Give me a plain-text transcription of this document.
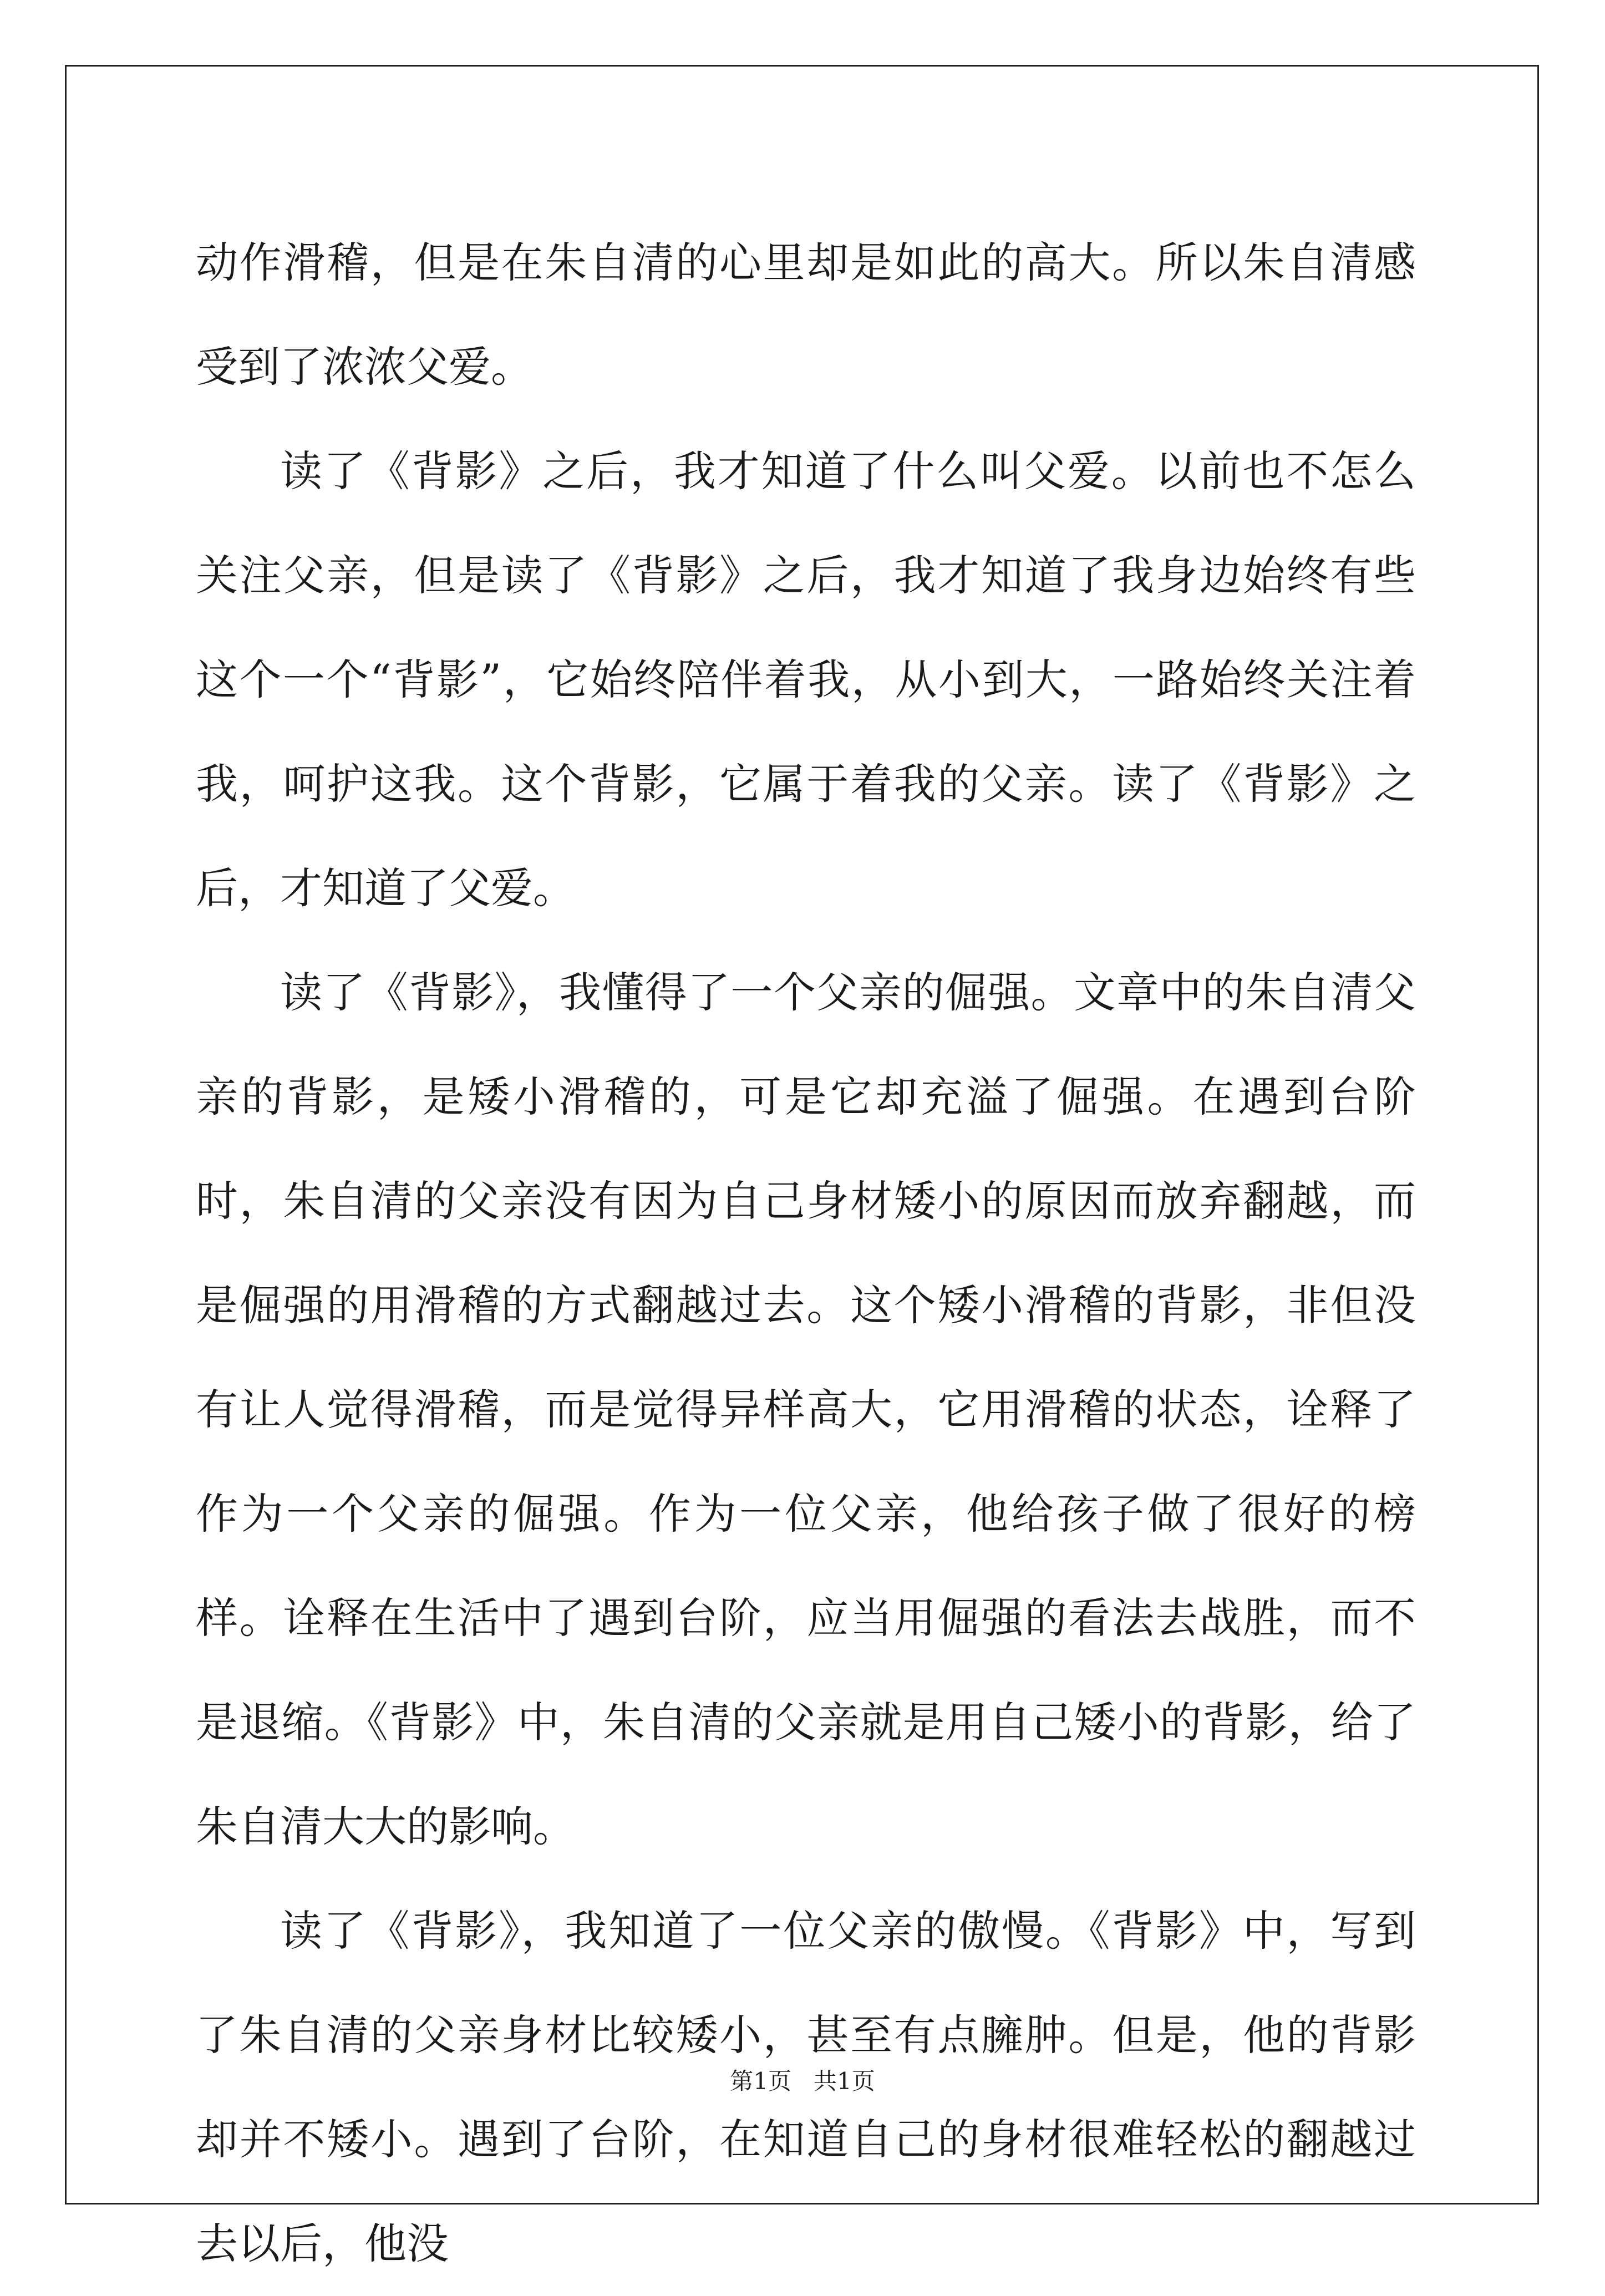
动作滑稽，但是在朱自清的心里却是如此的高大。所以朱自清感受到了浓浓父爱。

读了《背影》之后，我才知道了什么叫父爱。以前也不怎么关注父亲，但是读了《背影》之后，我才知道了我身边始终有些这个一个“背影”，它始终陪伴着我，从小到大，一路始终关注着我，呵护这我。这个背影，它属于着我的父亲。读了《背影》之后，才知道了父爱。

读了《背影》，我懂得了一个父亲的倔强。文章中的朱自清父亲的背影，是矮小滑稽的，可是它却充溢了倔强。在遇到台阶时，朱自清的父亲没有因为自己身材矮小的原因而放弃翻越，而是倔强的用滑稽的方式翻越过去。这个矮小滑稽的背影，非但没有让人觉得滑稽，而是觉得异样高大，它用滑稽的状态，诠释了作为一个父亲的倔强。作为一位父亲，他给孩子做了很好的榜样。诠释在生活中了遇到台阶，应当用倔强的看法去战胜，而不是退缩。《背影》中，朱自清的父亲就是用自己矮小的背影，给了朱自清大大的影响。

读了《背影》，我知道了一位父亲的傲慢。《背影》中，写到了朱自清的父亲身材比较矮小，甚至有点臃肿。但是，他的背影却并不矮小。遇到了台阶，在知道自己的身材很难轻松的翻越过去以后，他没

第1页   共1页
